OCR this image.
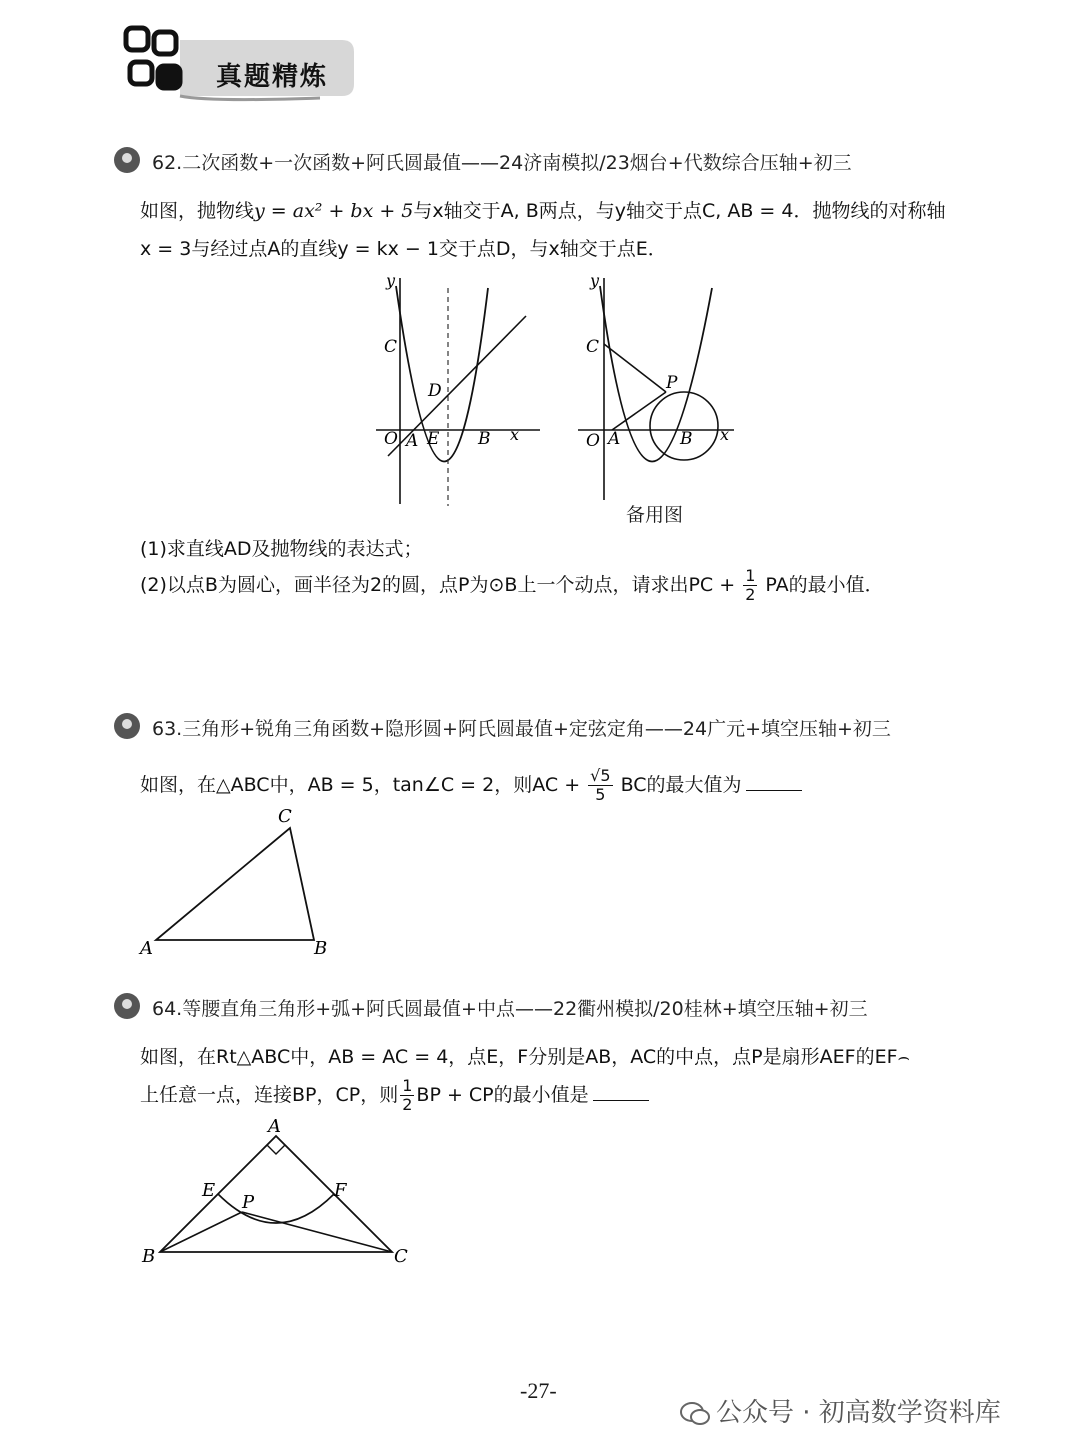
真题精炼
62.二次函数+一次函数+阿氏圆最值——24济南模拟/23烟台+代数综合压轴+初三
如图，抛物线y = ax² + bx + 5与x轴交于A, B两点，与y轴交于点C, AB = 4．抛物线的对称轴
x = 3与经过点A的直线y = kx − 1交于点D，与x轴交于点E．
y
x
C
D
O A E B
y
x
C
P
O A	B
备用图
(1)求直线AD及抛物线的表达式；
(2)以点B为圆心，画半径为2的圆，点P为⊙B上一个动点，请求出PC + $\frac{1}{2}$ PA的最小值．
63.三角形+锐角三角函数+隐形圆+阿氏圆最值+定弦定角——24广元+填空压轴+初三
如图，在△ABC中，AB = 5，tan∠C = 2，则AC + $\frac{√5}{5}$ BC的最大值为
A	B
C
64.等腰直角三角形+弧+阿氏圆最值+中点——22衢州模拟/20桂林+填空压轴+初三
如图，在Rt△ABC中，AB = AC = 4，点E，F分别是AB，AC的中点，点P是扇形AEF的EF⌢
上任意一点，连接BP，CP，则 $\frac{1}{2}$ BP + CP的最小值是
A
B	C
E	F
P
-27-
公众号 · 初高数学资料库
